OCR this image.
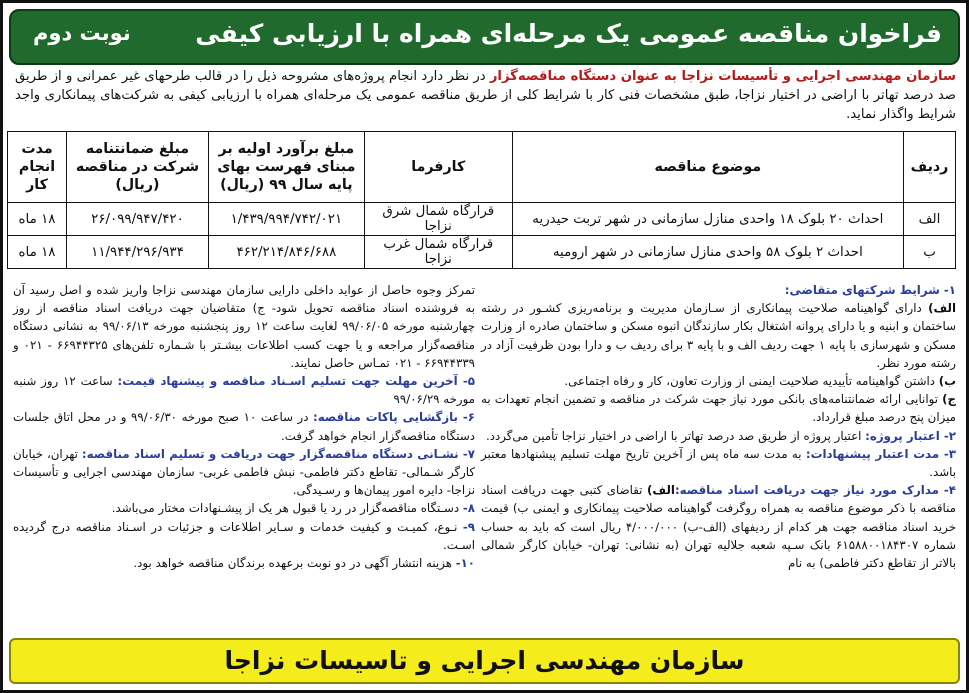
فراخوان مناقصه عمومی یک مرحله‌ای همراه با ارزیابی کیفی
نوبت دوم
سازمان مهندسی اجرایی و تأسیسات نزاجا به عنوان دستگاه مناقصه‌گزار در نظر دارد انجام پروژه‌های مشروحه ذیل را در قالب طرحهای غیر عمرانی و از طریق صد درصد تهاتر با اراضی در اختیار نزاجا، طبق مشخصات فنی کار با شرایط کلی از طریق مناقصه عمومی یک مرحله‌ای همراه با ارزیابی کیفی به شرکت‌های پیمانکاری واجد شرایط واگذار نماید.
ردیف	موضوع مناقصه	کارفرما	مبلغ برآورد اولیه بر مبنای فهرست بهای پایه سال ۹۹ (ریال)	مبلغ ضمانتنامه شرکت در مناقصه (ریال)	مدت انجام کار
الف	احداث ۲۰ بلوک ۱۸ واحدی منازل سازمانی در شهر تربت حیدریه	قرارگاه شمال شرق نزاجا	۱/۴۳۹/۹۹۴/۷۴۲/۰۲۱	۲۶/۰۹۹/۹۴۷/۴۲۰	۱۸ ماه
ب	احداث ۲ بلوک ۵۸ واحدی منازل سازمانی در شهر ارومیه	قرارگاه شمال غرب نزاجا	۴۶۲/۲۱۴/۸۴۶/۶۸۸	۱۱/۹۴۴/۲۹۶/۹۳۴	۱۸ ماه

۱- شرایط شرکتهای متقاضی:

الف) دارای گواهینامه صلاحیت پیمانکاری از سـازمان مدیریت و برنامه‌ریزی کشـور در رشته ساختمان و ابنیه و یا دارای پروانه اشتغال بکار سازندگان انبوه مسکن و ساختمان صادره از وزارت مسکن و شهرسازی با پایه ۱ جهت ردیف الف و با پایه ۳ برای ردیف ب و دارا بودن ظرفیت آزاد در رشته مورد نظر.

ب) داشتن گواهینامه تأییدیه صلاحیت ایمنی از وزارت تعاون، کار و رفاه اجتماعی.

ج) توانایی ارائه ضمانتنامه‌های بانکی مورد نیاز جهت شرکت در مناقصه و تضمین انجام تعهدات به میزان پنج درصد مبلغ قرارداد.

۲- اعتبار پروژه: اعتبار پروژه از طریق صد درصد تهاتر با اراضی در اختیار نزاجا تأمین می‌گردد.

۳- مدت اعتبار پیشنهادات: به مدت سه ماه پس از آخرین تاریخ مهلت تسلیم پیشنهادها معتبر باشد.

۴- مدارک مورد نیاز جهت دریافت اسناد مناقصه:الف) تقاضای کتبی جهت دریافت اسناد مناقصه با ذکر موضوع مناقصه به همراه روگرفت گواهینامه صلاحیت پیمانکاری و ایمنی ب) قیمت خرید اسناد مناقصه جهت هر کدام از ردیفهای (الف-ب) ۴/۰۰۰/۰۰۰ ریال است که باید به حساب شماره ۶۱۵۸۸۰۰۱۸۴۳۰۷ بانک سـپه شعبه جلالیه تهران (به نشانی: تهران- خیابان کارگر شمالی بالاتر از تقاطع دکتر فاطمی) به نام

تمرکز وجوه حاصل از عواید داخلی دارایی سازمان مهندسی نزاجا واریز شده و اصل رسید آن به فروشنده اسناد مناقصه تحویل شود- ج) متقاضیان جهت دریافت اسناد مناقصه از روز چهارشنبه مورخه ۹۹/۰۶/۰۵ لغایت ساعت ۱۲ روز پنجشنبه مورخه ۹۹/۰۶/۱۳ به نشانی دستگاه مناقصه‌گزار مراجعه و یا جهت کسب اطلاعات بیشـتر با شـماره تلفن‌های ۶۶۹۴۴۳۲۵ - ۰۲۱ و ۶۶۹۴۴۳۳۹ - ۰۲۱ تمـاس حاصل نمایند.

۵- آخرین مهلت جهت تسلیم اسـناد مناقصه و پیشنهاد قیمت: ساعت ۱۲ روز شنبه مورخه ۹۹/۰۶/۲۹

۶- بازگشایی پاکات مناقصه: در ساعت ۱۰ صبح مورخه ۹۹/۰۶/۳۰ و در محل اتاق جلسات دستگاه مناقصه‌گزار انجام خواهد گرفت.

۷- نشـانی دستگاه مناقصه‌گزار جهت دریافت و تسلیم اسناد مناقصه: تهران، خیابان کارگر شـمالی- تقاطع دکتر فاطمی- نبش فاطمی غربی- سازمان مهندسی اجرایی و تأسیسات نزاجا- دایره امور پیمان‌ها و رسـیدگی.

۸- دسـتگاه مناقصه‌گزار در رد یا قبول هر یک از پیشـنهادات مختار می‌باشد.

۹- نـوع، کمیـت و کیفیت خدمات و سـایر اطلاعات و جزئیات در اسـناد مناقصه درج گردیده اسـت.

۱۰- هزینه انتشار آگهی در دو نوبت برعهده برندگان مناقصه خواهد بود.

سازمان مهندسی اجرایی و تاسیسات نزاجا
